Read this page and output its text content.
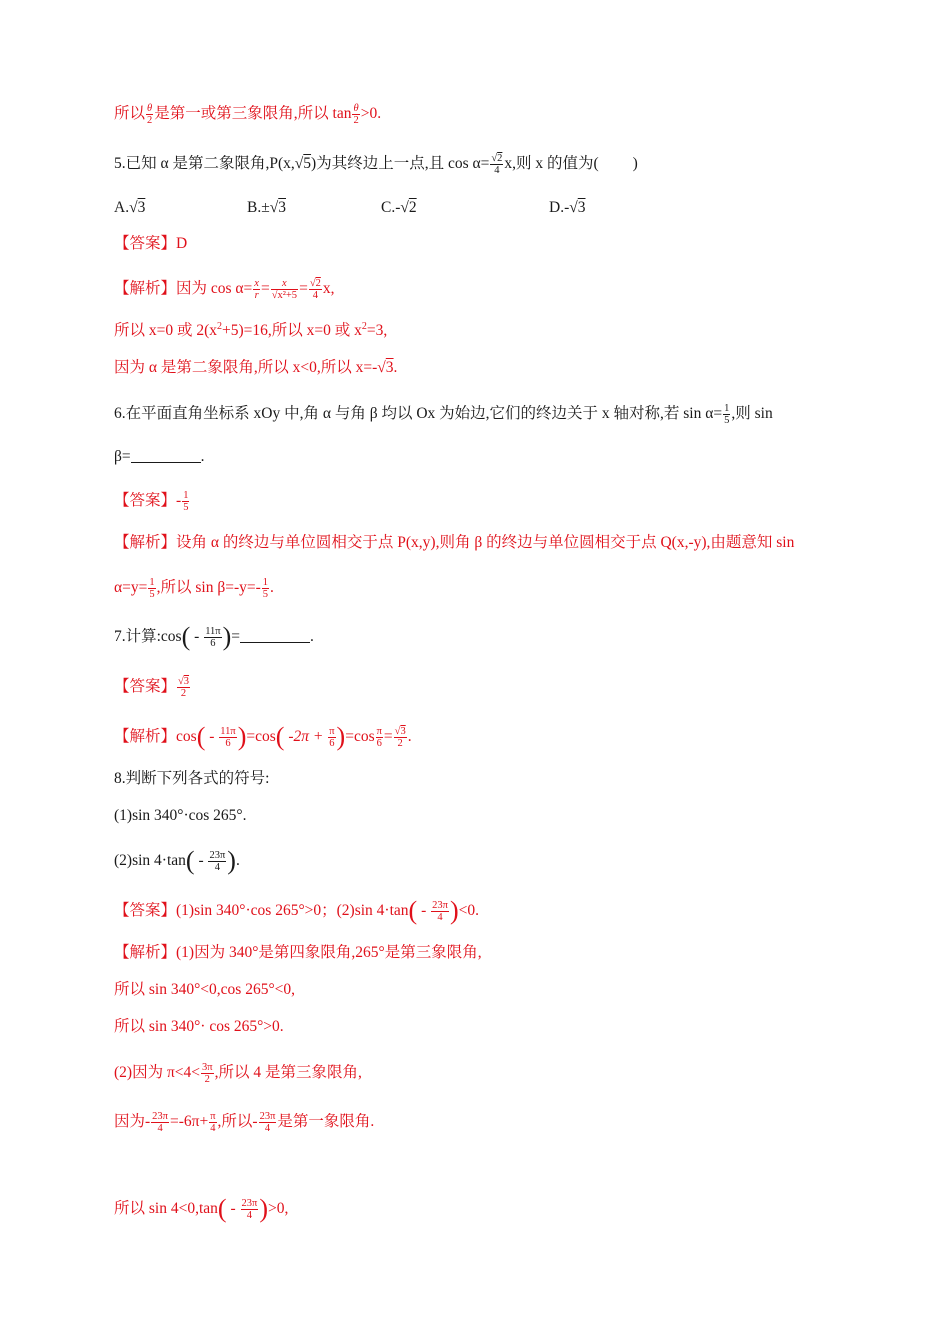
所以 $\frac{\theta}{2}$ 是第一或第三象限角,所以 $\tan \frac{\theta}{2} >0$.
5.已知 α 是第二象限角,P(x,√5)为其终边上一点,且 $\cos \alpha= \frac{√2}{4} x$,则 x 的值为( )
A.√3	B.±√3	C.-√2	D.-√3
【答案】D
【解析】因为 $\cos \alpha= \frac{x}{r}= \frac{x}{\text{√x²+5}} = \frac{√2}{4} x$,
所以 x=0 或 $2(x^2+5)=16$,所以 x=0 或 $x^2=3$,
因为 α 是第二象限角,所以 x<0,所以 x=-√3.
6.在平面直角坐标系 xOy 中,角 α 与角 β 均以 Ox 为始边,它们的终边关于 x 轴对称,若 $\sin \alpha= \frac{1}{5}$ ,则 sin
β=	.
【答案】- $\frac{1}{5}$
【解析】设角 α 的终边与单位圆相交于点 P(x,y),则角 β 的终边与单位圆相交于点 Q(x,-y),由题意知 sin
$\alpha=y= \frac{1}{5}$ ,所以 $\sin \beta=-y=- \frac{1}{5}$ .
7.计算:cos( - $\frac{11\pi}{6}$ )=	.
【答案】 $\frac{√3}{2}$
【解析】$\cos( - \frac{11\pi}{6} )=\cos$( $-2\pi + \frac{\pi}{6} )=\cos \frac{\pi}{6} = \frac{√3}{2}$ .
8.判断下列各式的符号:
(1)sin 340°·cos 265°.
(2)sin $4\cdot\tan( - \frac{23\pi}{4}$ ).
【答案】(1)sin 340°·cos 265°>0；(2)sin $4\cdot\tan( - \frac{23\pi}{4} )<0$.
【解析】(1)因为 340°是第四象限角,265°是第三象限角,
所以 sin 340°<0,cos 265°<0,
所以 sin 340°· cos 265°>0.
(2)因为 $\pi<4< \frac{3\pi}{2}$ ,所以 4 是第三象限角,
因为- $\frac{23\pi}{4} =-6\pi+ \frac{\pi}{4}$ ,所以- $\frac{23\pi}{4}$ 是第一象限角.
所以 $\sin 4<0,\tan( - \frac{23\pi}{4} )>0$,
